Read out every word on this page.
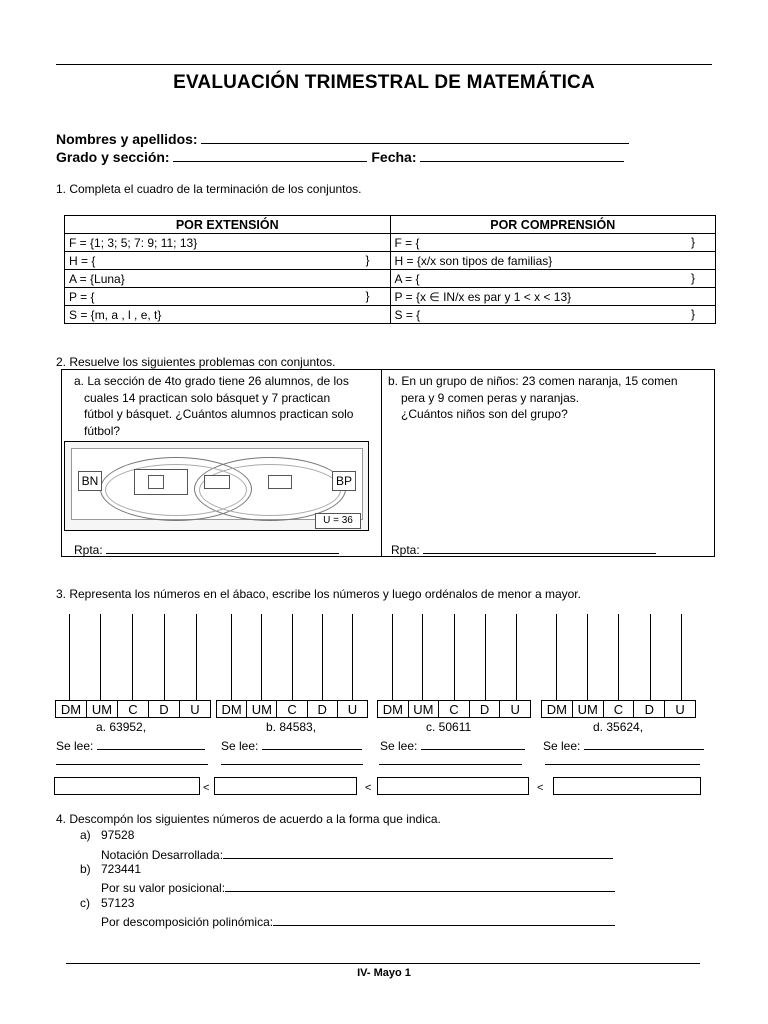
EVALUACIÓN TRIMESTRAL DE MATEMÁTICA
Nombres y apellidos:
Grado y sección:	Fecha:
1. Completa el cuadro de la terminación de los conjuntos.
POR EXTENSIÓN	POR COMPRENSIÓN
F = {1; 3; 5; 7: 9; 11; 13}	F = { }

H = { }	H = {x/x son tipos de familias}

A = {Luna}	A = { }

P = { }	P = {x ∈ IN/x es par y 1 < x < 13}

S = {m, a , l , e, t}	S = { }
2. Resuelve los siguientes problemas con conjuntos.
a. La sección de 4to grado tiene 26 alumnos, de los
cuales 14 practican solo básquet y 7 practican
fútbol y básquet. ¿Cuántos alumnos practican solo
fútbol?
b. En un grupo de niños: 23 comen naranja, 15 comen
pera y 9 comen peras y naranjas.
¿Cuántos niños son del grupo?
BN	BP
U = 36
Rpta:	Rpta:
3. Representa los números en el ábaco, escribe los números y luego ordénalos de menor a mayor.
DM UM	C	D	U	DM UM	C	D	U	DM UM	C	D	U	DM UM	C	D	U
a. 63952,	b. 84583,	c. 50611	d. 35624,
Se lee:	Se lee:	Se lee:	Se lee:
<	<	<
4. Descompón los siguientes números de acuerdo a la forma que indica.
a) 97528
Notación Desarrollada:
b) 723441
Por su valor posicional:
c) 57123
Por descomposición polinómica:
IV- Mayo 1
